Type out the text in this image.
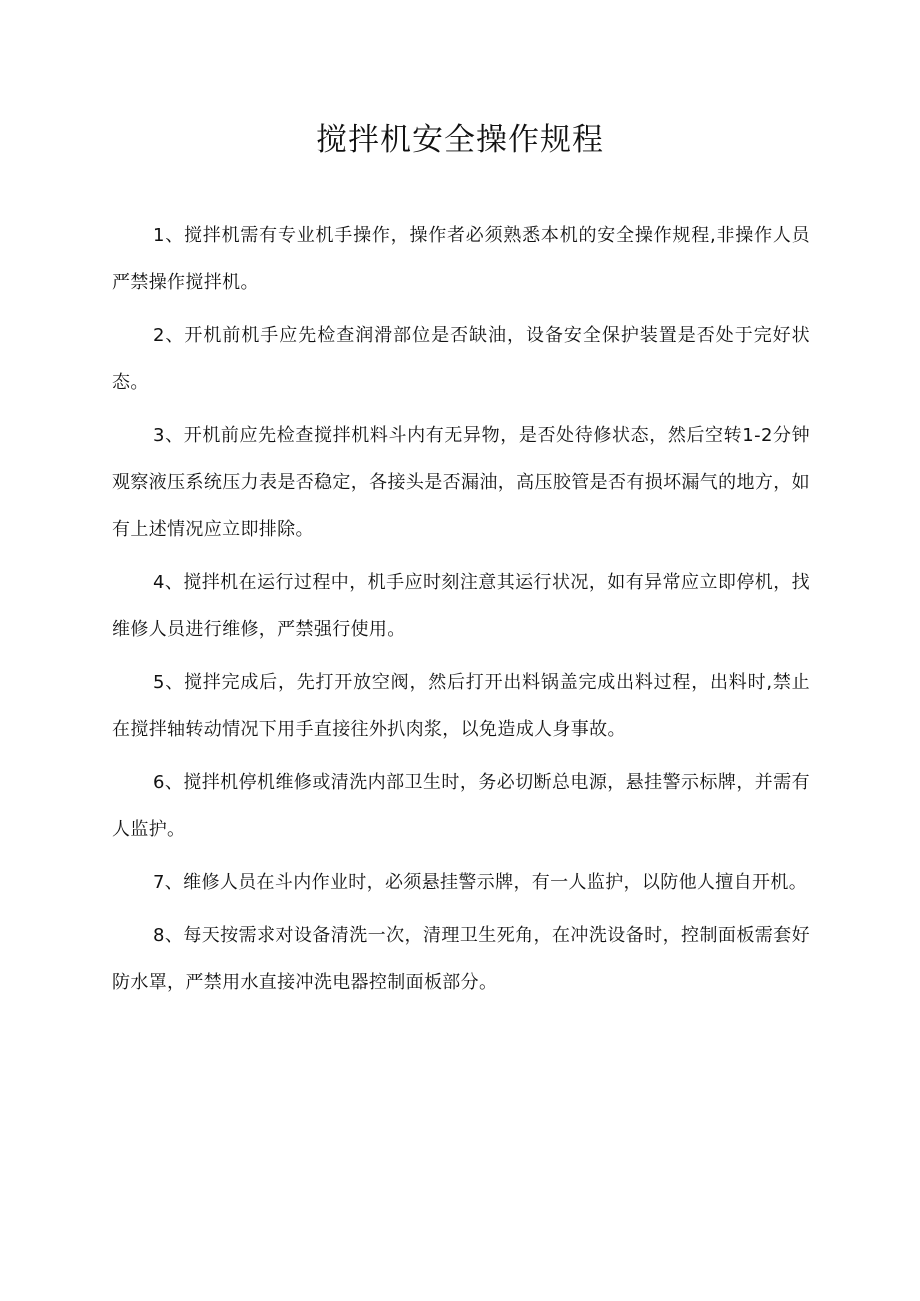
搅拌机安全操作规程

1、搅拌机需有专业机手操作，操作者必须熟悉本机的安全操作规程,非操作人员严禁操作搅拌机。

2、开机前机手应先检查润滑部位是否缺油，设备安全保护装置是否处于完好状态。

3、开机前应先检查搅拌机料斗内有无异物，是否处待修状态，然后空转1-2分钟观察液压系统压力表是否稳定，各接头是否漏油，高压胶管是否有损坏漏气的地方，如有上述情况应立即排除。

4、搅拌机在运行过程中，机手应时刻注意其运行状况，如有异常应立即停机，找维修人员进行维修，严禁强行使用。

5、搅拌完成后，先打开放空阀，然后打开出料锅盖完成出料过程，出料时,禁止在搅拌轴转动情况下用手直接往外扒肉浆，以免造成人身事故。

6、搅拌机停机维修或清洗内部卫生时，务必切断总电源，悬挂警示标牌，并需有人监护。

7、维修人员在斗内作业时，必须悬挂警示牌，有一人监护，以防他人擅自开机。

8、每天按需求对设备清洗一次，清理卫生死角，在冲洗设备时，控制面板需套好防水罩，严禁用水直接冲洗电器控制面板部分。
